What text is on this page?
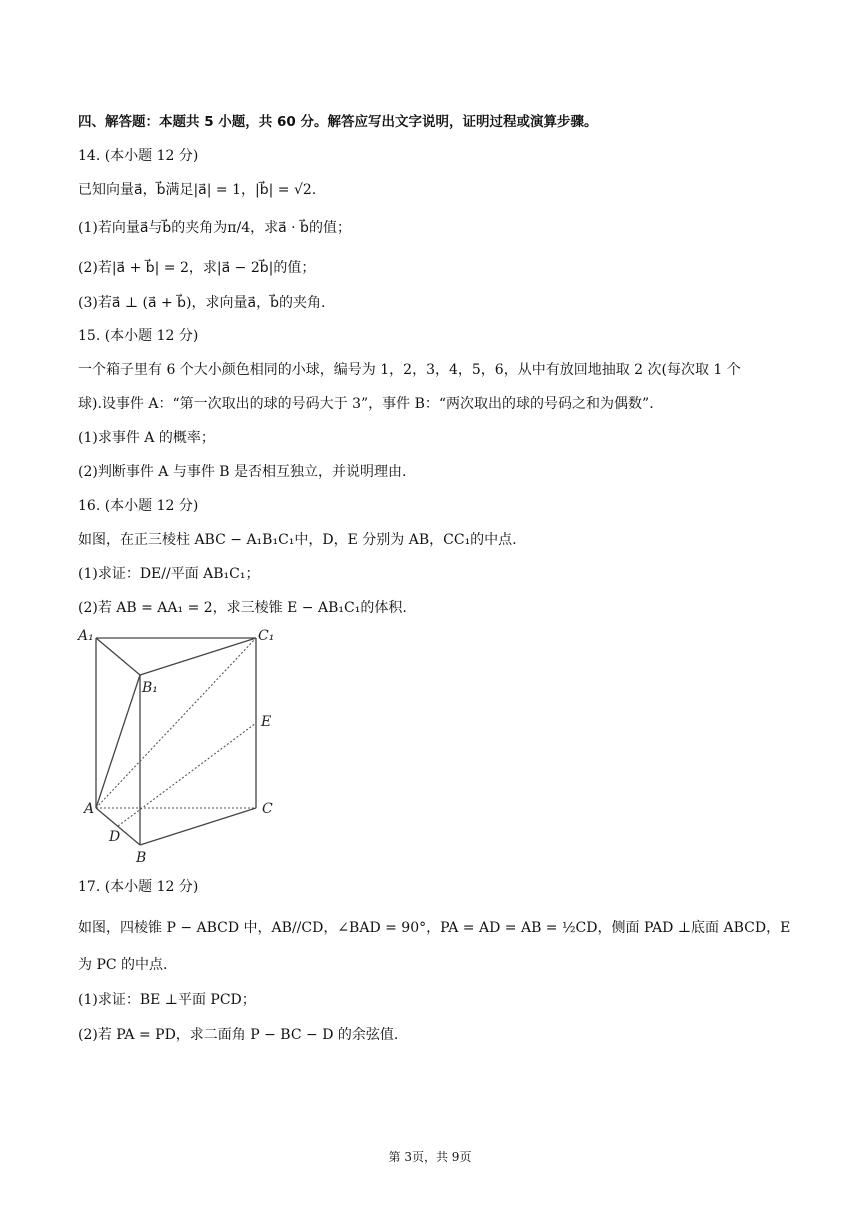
四、解答题：本题共 5 小题，共 60 分。解答应写出文字说明，证明过程或演算步骤。
14. (本小题 12 分)
已知向量a⃗，b⃗满足|a⃗| = 1，|b⃗| = √2.
(1)若向量a⃗与b⃗的夹角为π/4，求a⃗ · b⃗的值；
(2)若|a⃗ + b⃗| = 2，求|a⃗ − 2b⃗|的值；
(3)若a⃗ ⊥ (a⃗ + b⃗)，求向量a⃗，b⃗的夹角.
15. (本小题 12 分)
一个箱子里有 6 个大小颜色相同的小球，编号为 1，2，3，4，5，6，从中有放回地抽取 2 次(每次取 1 个
球).设事件 A：“第一次取出的球的号码大于 3”，事件 B：“两次取出的球的号码之和为偶数”.
(1)求事件 A 的概率；
(2)判断事件 A 与事件 B 是否相互独立，并说明理由.
16. (本小题 12 分)
如图，在正三棱柱 ABC − A₁B₁C₁中，D，E 分别为 AB，CC₁的中点.
(1)求证：DE//平面 AB₁C₁；
(2)若 AB = AA₁ = 2，求三棱锥 E − AB₁C₁的体积.
A₁	C₁
B₁
E
A	C
D
B
17. (本小题 12 分)
如图，四棱锥 P − ABCD 中，AB//CD，∠BAD = 90°，PA = AD = AB = ½CD，侧面 PAD ⊥底面 ABCD，E
为 PC 的中点.
(1)求证：BE ⊥平面 PCD；
(2)若 PA = PD，求二面角 P − BC − D 的余弦值.
第 3页，共 9页
